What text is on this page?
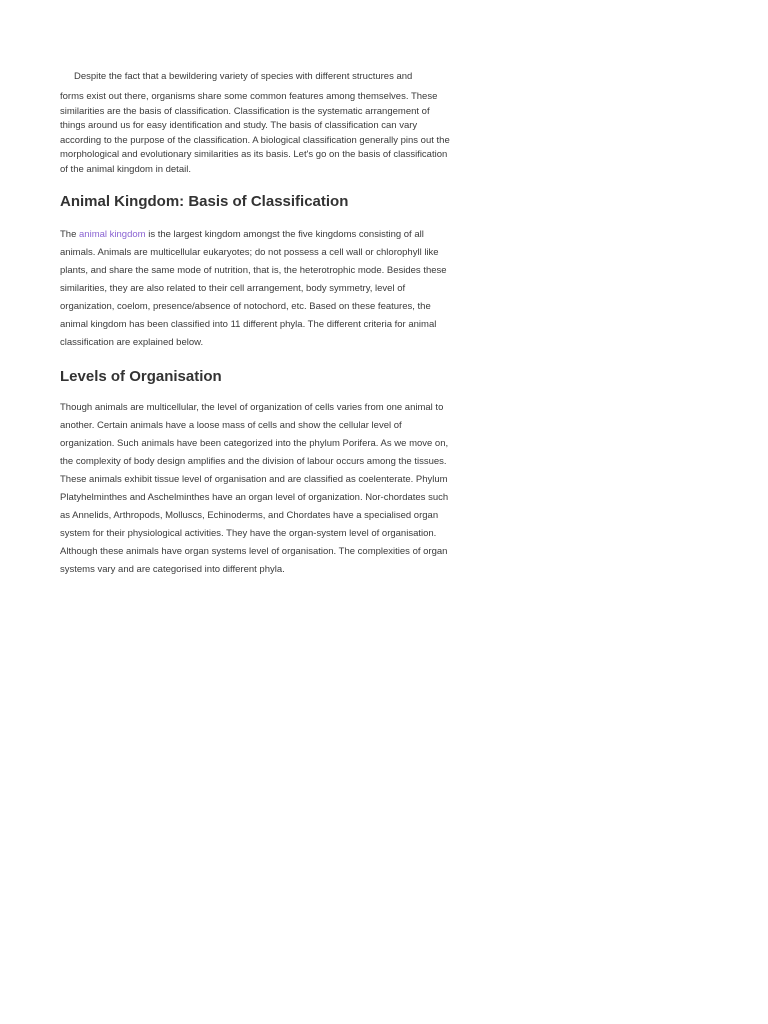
Despite the fact that a bewildering variety of species with different structures and
forms exist out there, organisms share some common features among themselves. These similarities are the basis of classification. Classification is the systematic arrangement of things around us for easy identification and study. The basis of classification can vary according to the purpose of the classification. A biological classification generally pins out the morphological and evolutionary similarities as its basis. Let's go on the basis of classification of the animal kingdom in detail.

Animal Kingdom: Basis of Classification

The animal kingdom is the largest kingdom amongst the five kingdoms consisting of all animals. Animals are multicellular eukaryotes; do not possess a cell wall or chlorophyll like plants, and share the same mode of nutrition, that is, the heterotrophic mode. Besides these similarities, they are also related to their cell arrangement, body symmetry, level of organization, coelom, presence/absence of notochord, etc. Based on these features, the animal kingdom has been classified into 11 different phyla. The different criteria for animal classification are explained below.

Levels of Organisation

Though animals are multicellular, the level of organization of cells varies from one animal to another. Certain animals have a loose mass of cells and show the cellular level of organization. Such animals have been categorized into the phylum Porifera. As we move on, the complexity of body design amplifies and the division of labour occurs among the tissues. These animals exhibit tissue level of organisation and are classified as coelenterate. Phylum Platyhelminthes and Aschelminthes have an organ level of organization. Nor-chordates such as Annelids, Arthropods, Molluscs, Echinoderms, and Chordates have a specialised organ system for their physiological activities. They have the organ-system level of organisation. Although these animals have organ systems level of organisation. The complexities of organ systems vary and are categorised into different phyla.
